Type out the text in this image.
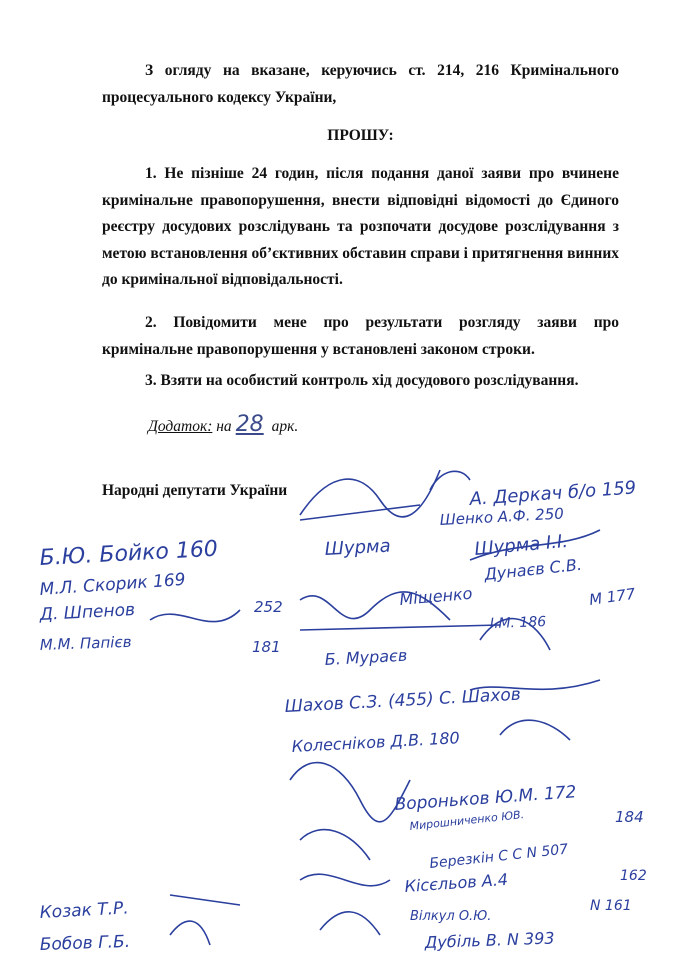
З огляду на вказане, керуючись ст. 214, 216 Кримінального процесуального кодексу України,
ПРОШУ:
1. Не пізніше 24 годин, після подання даної заяви про вчинене кримінальне правопорушення, внести відповідні відомості до Єдиного реєстру досудових розслідувань та розпочати досудове розслідування з метою встановлення об’єктивних обставин справи і притягнення винних до кримінальної відповідальності.
2. Повідомити мене про результати розгляду заяви про кримінальне правопорушення у встановлені законом строки.
3. Взяти на особистий контроль хід досудового розслідування.
Додаток: на 28 арк.
Народні депутати України
Б.Ю. Бойко 160
М.Л. Скорик 169
Д. Шпенов
М.М. Папієв	181
252
А. Деркач б/о 159
Шенко А.Ф. 250
Шурма	Шурма І.І.
Дунаєв С.В.
М 177
Міщенко
І.М. 186
Б. Мураєв
Шахов С.З. (455) С. Шахов
Колесніков Д.В. 180
Вороньков Ю.М. 172
Мирошниченко ЮВ.	184
Березкін С С N 507
Кісєльов А.4	162
Козак Т.Р.
Бобов Г.Б.
Вілкул О.Ю.
N 161
Дубіль В. N 393
